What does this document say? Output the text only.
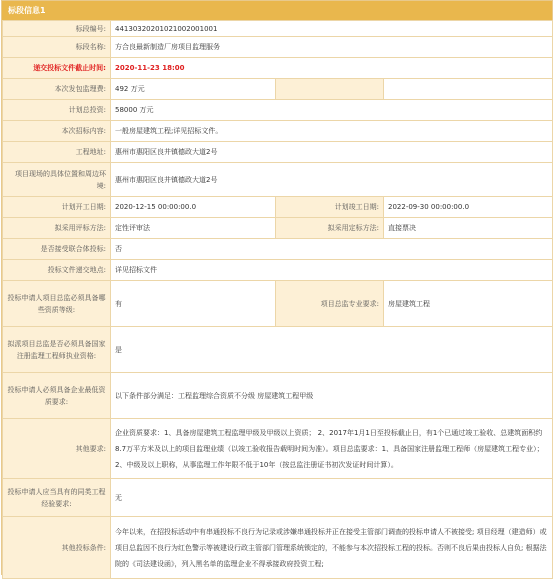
标段信息1
标段编号:	441303202010210020010​01		
标段名称:	方合良最新制造厂房项目监理服务		
递交投标文件截止时间:	2020-11-23 18:00		
本次发包监理费:	492 万元		
计划总投资:	58000 万元		
本次招标内容:	一般房屋建筑工程;详见招标文件。		
工程地址:	惠州市惠阳区良井镇德政大道2号		
项目现场的具体位置和周边环境:	惠州市惠阳区良井镇德政大道2号		
计划开工日期:	2020-12-15 00:00:00.0	计划竣工日期:	2022-09-30 00:00:00.0
拟采用评标方法:	定性评审法	拟采用定标方法:	直接票决
是否接受联合体投标:	否		
投标文件递交地点:	详见招标文件		
投标申请人项目总监必须具备哪些资质等级:	有	项目总监专业要求:	房屋建筑工程
拟派项目总监是否必须具备国家注册监理工程师执业资格:	是		
投标申请人必须具备企业最低资质要求:	以下条件部分满足：工程监理综合资质不分级 房屋建筑工程甲级		
其他要求:	企业资质要求：1、具备房屋建筑工程监理甲级及甲级以上资质； 2、2017年1月1日至投标截止日，有1个已通过竣工验收、总建筑面积约8.7万平方米及以上的项目监理业绩（以竣工验收报告载明时间为准）。项目总监要求：1、具备国家注册监理工程师（房屋建筑工程专业）； 2、中级及以上职称，从事监理工作年限不低于10年（按总监注册证书初次发证时间计算）。		
投标申请人应当具有的同类工程经验要求:	无		
其他投标条件:	今年以来，在招投标活动中有串通投标不良行为记录或涉嫌串通投标并正在接受主管部门调查的投标申请人不被接受; 项目经理（建造师）或项目总监因不良行为红色警示等被建设行政主管部门管理系统锁定的，不能参与本次招投标工程的投标。否则不良后果由投标人自负; 根据法院的《司法建设函》，列入黑名单的监理企业不得承接政府投资工程;		
